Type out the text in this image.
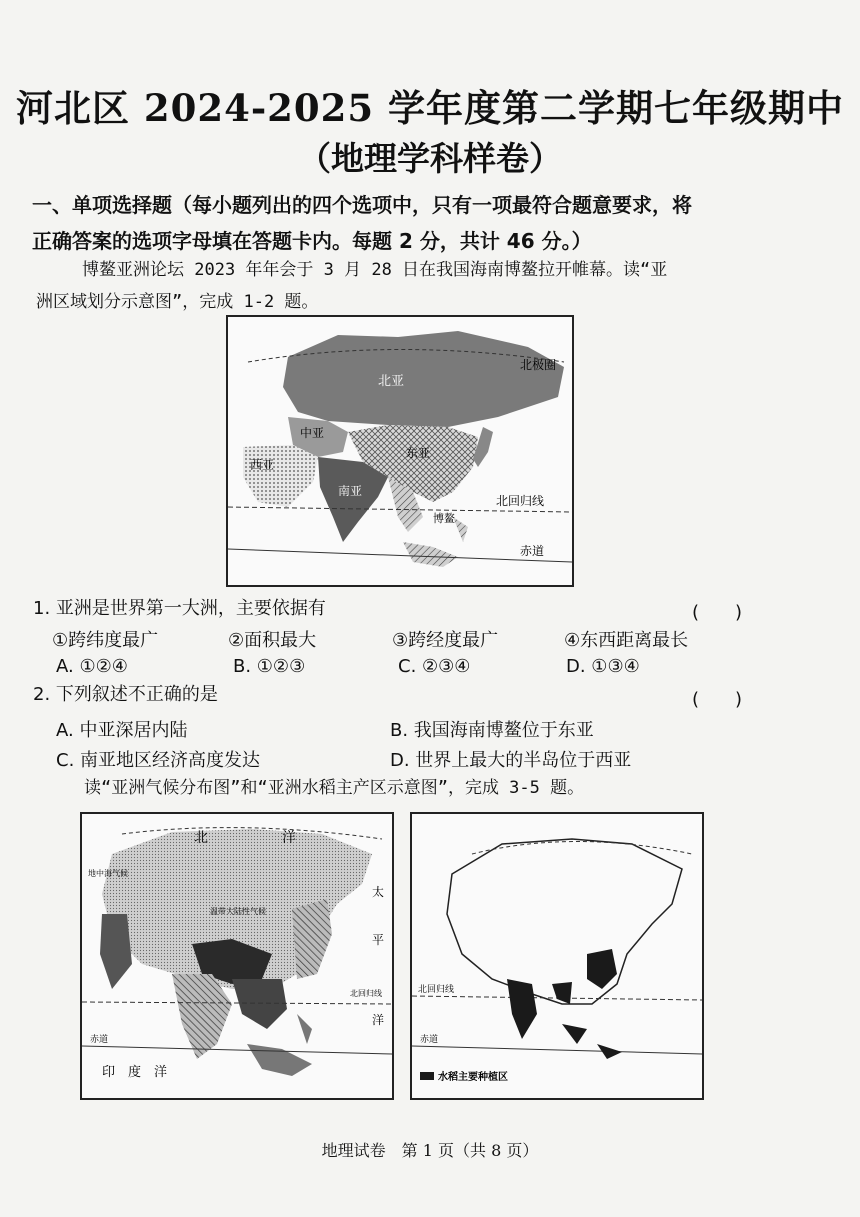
河北区 2024-2025 学年度第二学期七年级期中
（地理学科样卷）
一、单项选择题（每小题列出的四个选项中，只有一项最符合题意要求，将
正确答案的选项字母填在答题卡内。每题 2 分，共计 46 分。）
博鳌亚洲论坛 2023 年年会于 3 月 28 日在我国海南博鳌拉开帷幕。读“亚
洲区域划分示意图”，完成 1-2 题。
北极圈
北亚
中亚
西亚
东亚
南亚
博鳌
北回归线
赤道
1. 亚洲是世界第一大洲，主要依据有	(　　)
①跨纬度最广	②面积最大	③跨经度最广	④东西距离最长
A. ①②④	B. ①②③	C. ②③④	D. ①③④
2. 下列叙述不正确的是	(　　)
A. 中亚深居内陆	B. 我国海南博鳌位于东亚
C. 南亚地区经济高度发达	D. 世界上最大的半岛位于西亚
读“亚洲气候分布图”和“亚洲水稻主产区示意图”，完成 3-5 题。
北	洋
地中海气候
温带大陆性气候
太
平
洋
北回归线
赤道
印　度　洋
北回归线
赤道
水稻主要种植区
地理试卷　第 1 页（共 8 页）
